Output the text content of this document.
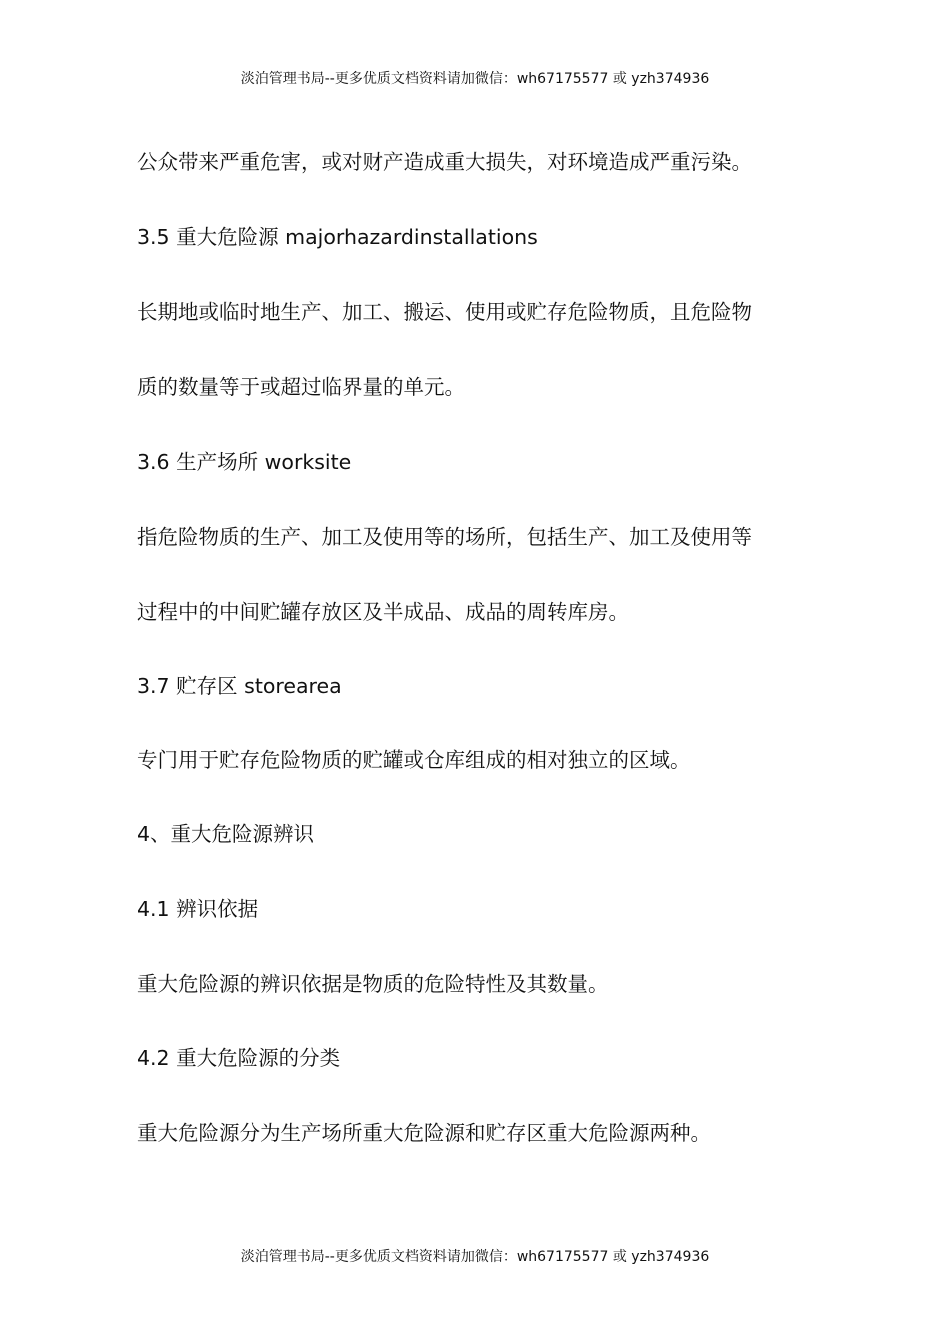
淡泊管理书局--更多优质文档资料请加微信：wh67175577 或 yzh374936
公众带来严重危害，或对财产造成重大损失，对环境造成严重污染。
3.5 重大危险源 majorhazardinstallations
长期地或临时地生产、加工、搬运、使用或贮存危险物质，且危险物
质的数量等于或超过临界量的单元。
3.6 生产场所 worksite
指危险物质的生产、加工及使用等的场所，包括生产、加工及使用等
过程中的中间贮罐存放区及半成品、成品的周转库房。
3.7 贮存区 storearea
专门用于贮存危险物质的贮罐或仓库组成的相对独立的区域。
4、重大危险源辨识
4.1 辨识依据
重大危险源的辨识依据是物质的危险特性及其数量。
4.2 重大危险源的分类
重大危险源分为生产场所重大危险源和贮存区重大危险源两种。
淡泊管理书局--更多优质文档资料请加微信：wh67175577 或 yzh374936
